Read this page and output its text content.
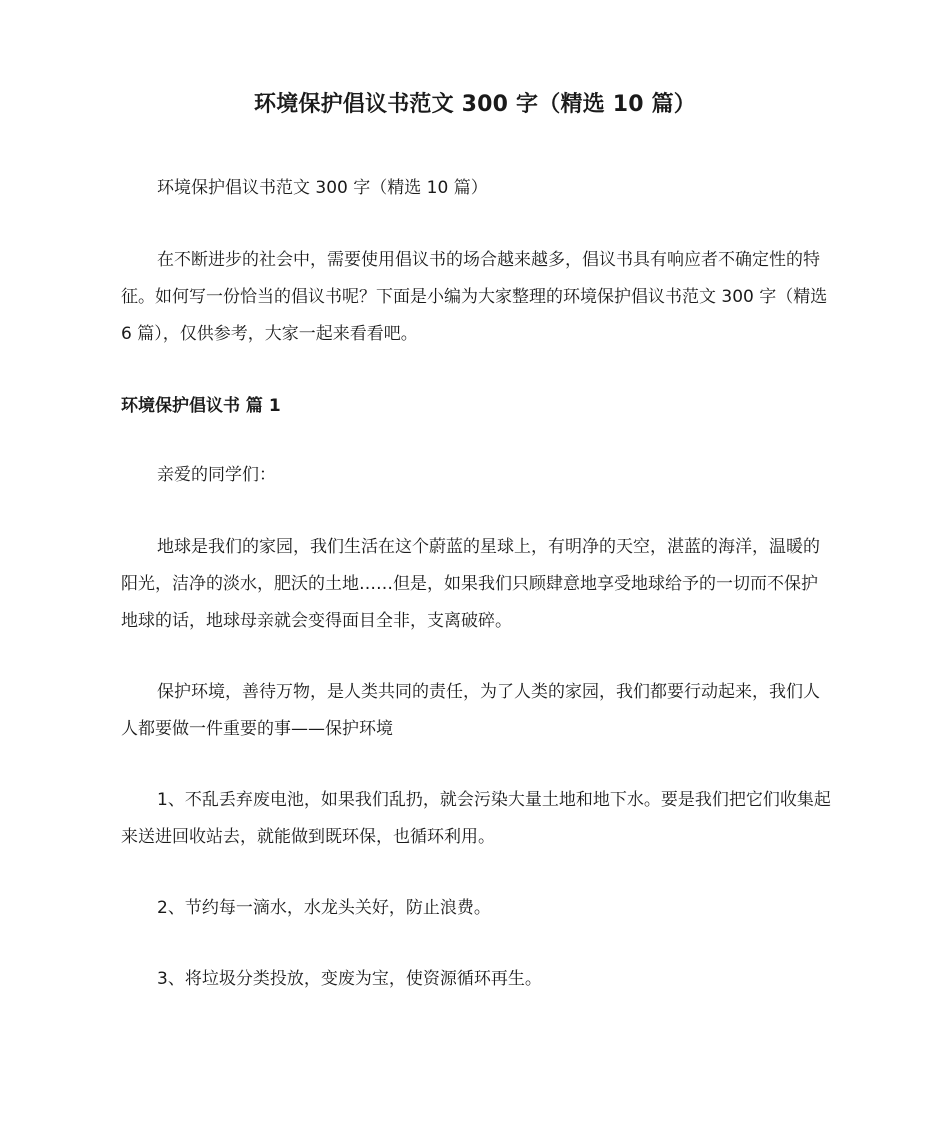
环境保护倡议书范文 300 字（精选 10 篇）

环境保护倡议书范文 300 字（精选 10 篇）

在不断进步的社会中，需要使用倡议书的场合越来越多，倡议书具有响应者不确定性的特征。如何写一份恰当的倡议书呢？下面是小编为大家整理的环境保护倡议书范文 300 字（精选 6 篇），仅供参考，大家一起来看看吧。

环境保护倡议书 篇 1

亲爱的同学们：

地球是我们的家园，我们生活在这个蔚蓝的星球上，有明净的天空，湛蓝的海洋，温暖的阳光，洁净的淡水，肥沃的土地……但是，如果我们只顾肆意地享受地球给予的一切而不保护地球的话，地球母亲就会变得面目全非，支离破碎。

保护环境，善待万物，是人类共同的责任，为了人类的家园，我们都要行动起来，我们人人都要做一件重要的事——保护环境

1、不乱丢弃废电池，如果我们乱扔，就会污染大量土地和地下水。要是我们把它们收集起来送进回收站去，就能做到既环保，也循环利用。

2、节约每一滴水，水龙头关好，防止浪费。

3、将垃圾分类投放，变废为宝，使资源循环再生。
